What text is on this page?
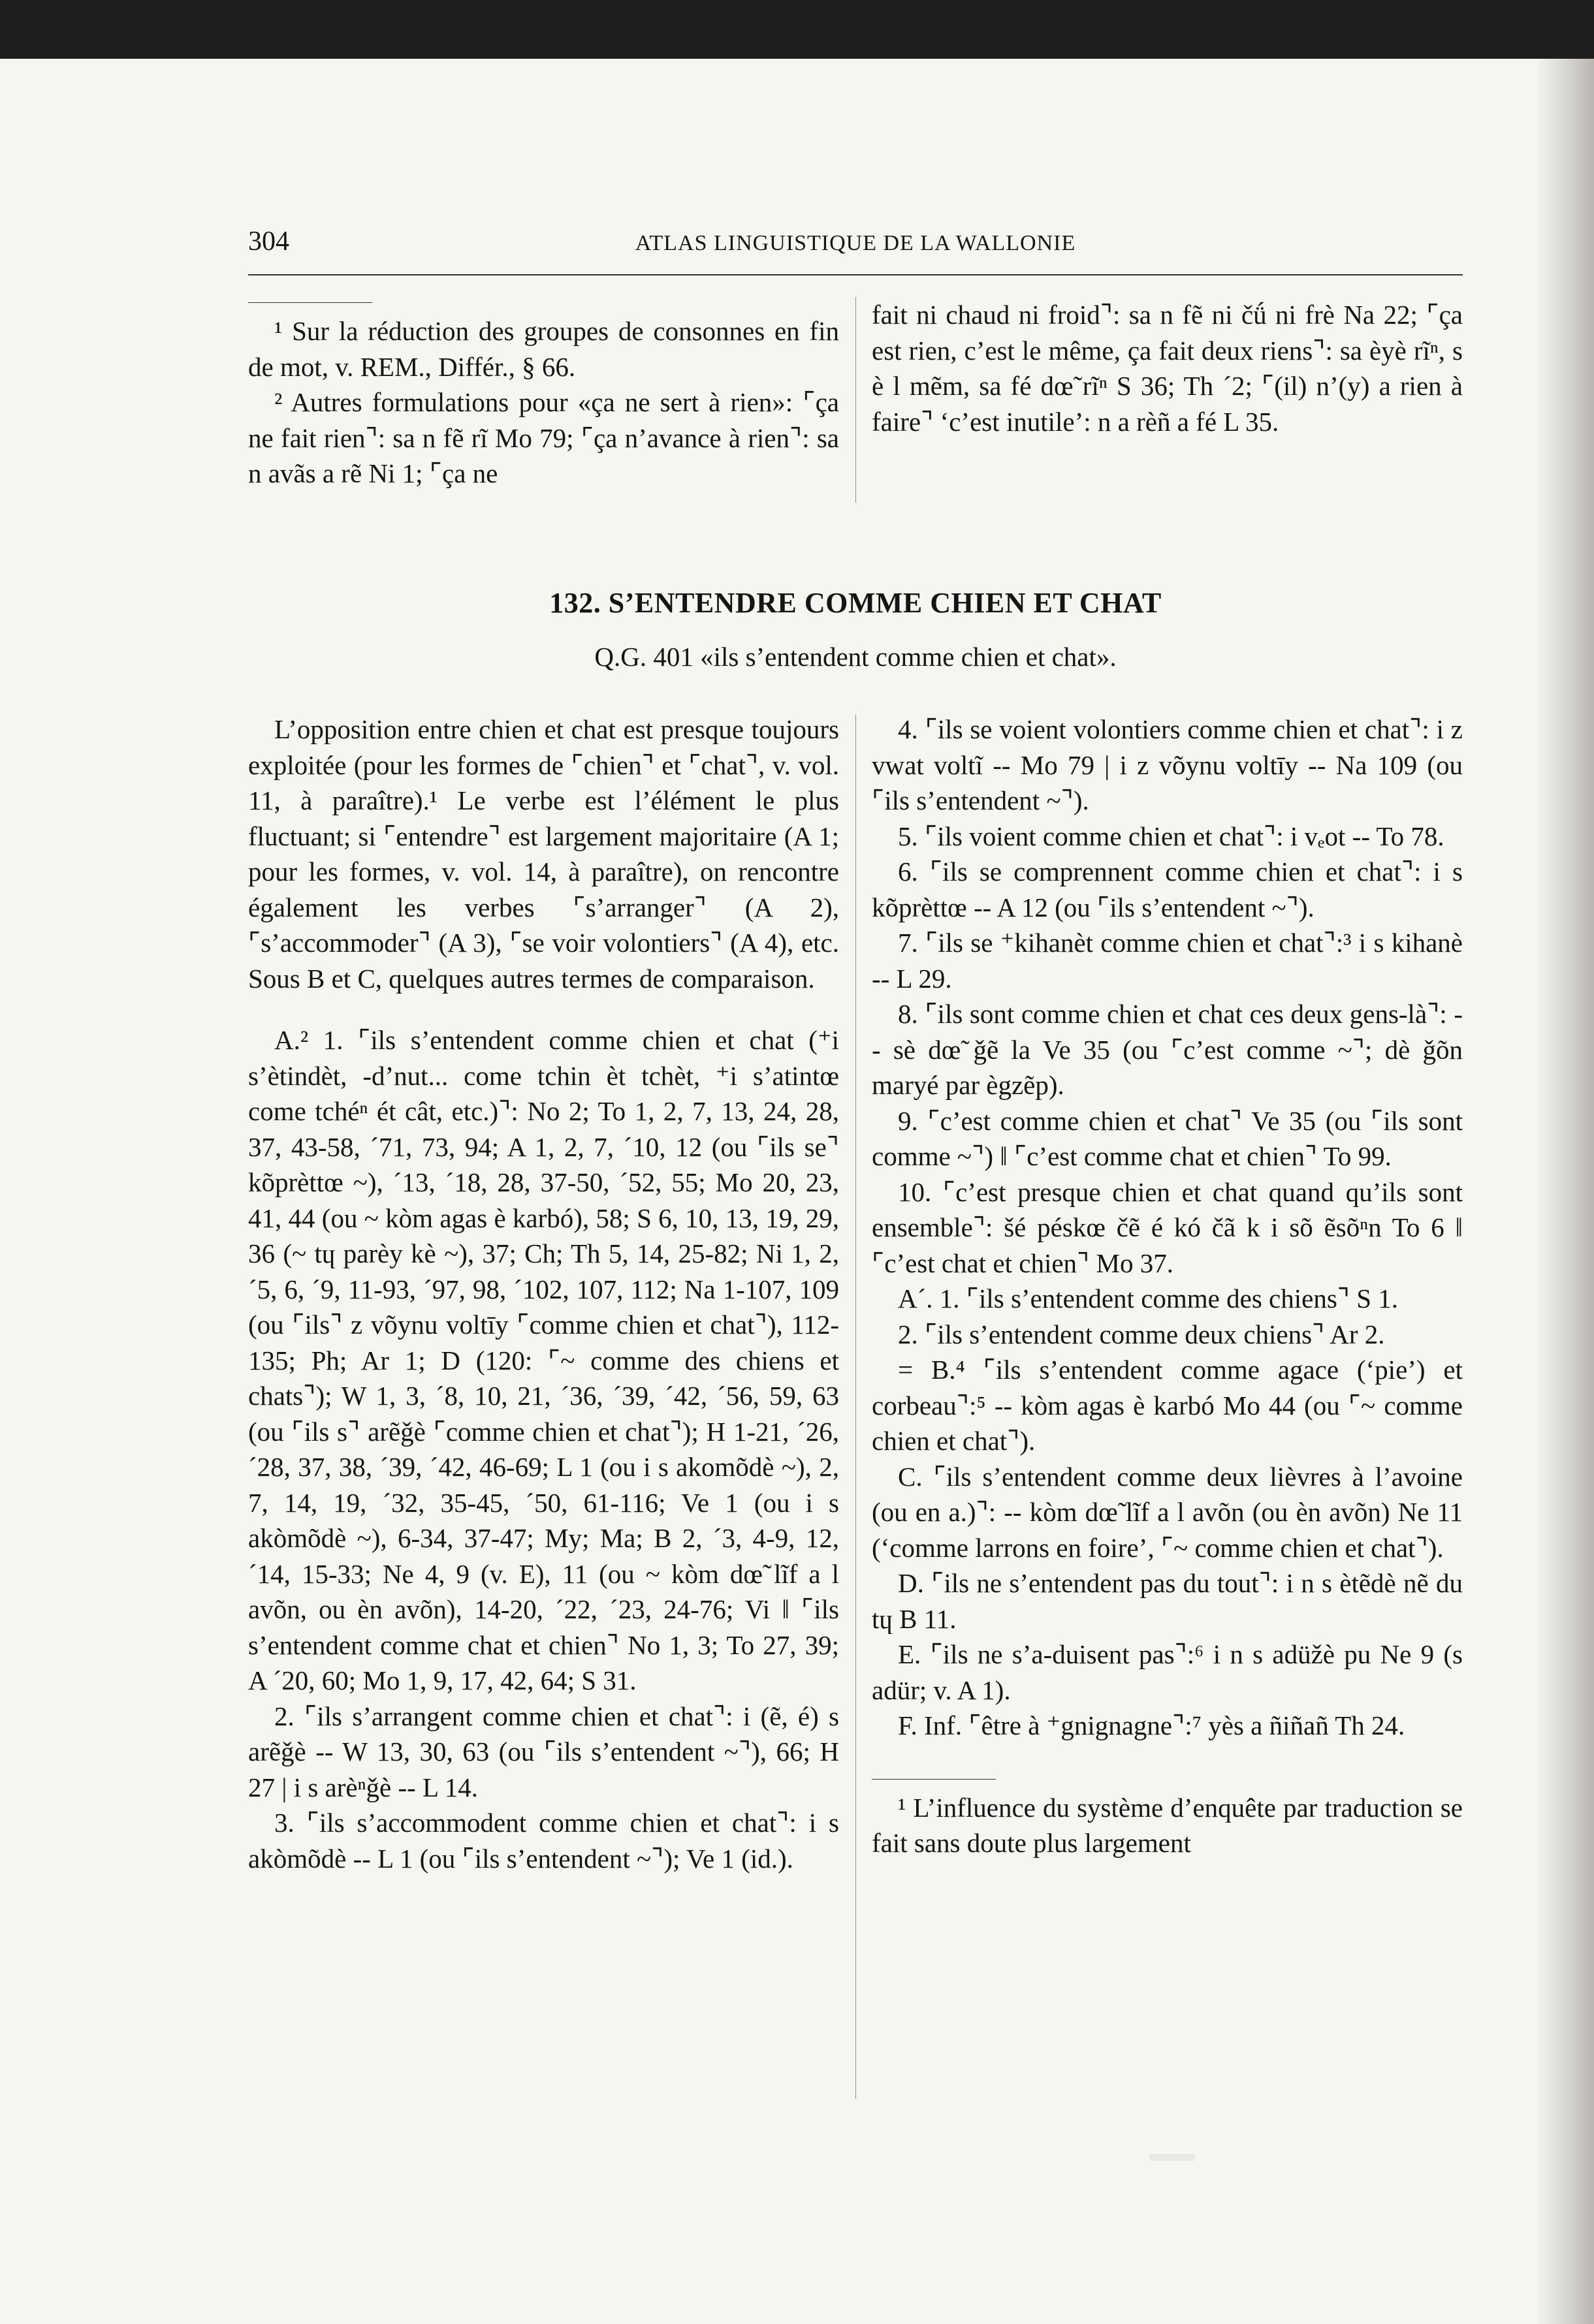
304	ATLAS LINGUISTIQUE DE LA WALLONIE

¹ Sur la réduction des groupes de consonnes en fin de mot, v. REM., Différ., § 66.

² Autres formulations pour «ça ne sert à rien»: ⌜ça ne fait rien⌝: sa n fẽ rĩ Mo 79; ⌜ça n’avance à rien⌝: sa n avãs a rẽ Ni 1; ⌜ça ne

fait ni chaud ni froid⌝: sa n fẽ ni čǘ ni frè Na 22; ⌜ça est rien, c’est le même, ça fait deux riens⌝: sa èyè rĩⁿ, s è l mẽm, sa fé dœ̃ rĩⁿ S 36; Th ´2; ⌜(il) n’(y) a rien à faire⌝ ‘c’est inutile’: n a rèñ a fé L 35.

132. S’ENTENDRE COMME CHIEN ET CHAT
Q.G. 401 «ils s’entendent comme chien et chat».

L’opposition entre chien et chat est presque toujours exploitée (pour les formes de ⌜chien⌝ et ⌜chat⌝, v. vol. 11, à paraître).¹ Le verbe est l’élément le plus fluctuant; si ⌜entendre⌝ est largement majoritaire (A 1; pour les formes, v. vol. 14, à paraître), on rencontre également les verbes ⌜s’arranger⌝ (A 2), ⌜s’accommoder⌝ (A 3), ⌜se voir volontiers⌝ (A 4), etc. Sous B et C, quelques autres termes de comparaison.

A.² 1. ⌜ils s’entendent comme chien et chat (⁺i s’ètindèt, -d’nut... come tchin èt tchèt, ⁺i s’atintœ come tchéⁿ ét cât, etc.)⌝: No 2; To 1, 2, 7, 13, 24, 28, 37, 43-58, ´71, 73, 94; A 1, 2, 7, ´10, 12 (ou ⌜ils se⌝ kõprèttœ ~), ´13, ´18, 28, 37-50, ´52, 55; Mo 20, 23, 41, 44 (ou ~ kòm agas è karbó), 58; S 6, 10, 13, 19, 29, 36 (~ tɥ parèy kè ~), 37; Ch; Th 5, 14, 25-82; Ni 1, 2, ´5, 6, ´9, 11-93, ´97, 98, ´102, 107, 112; Na 1-107, 109 (ou ⌜ils⌝ z võynu voltīy ⌜comme chien et chat⌝), 112-135; Ph; Ar 1; D (120: ⌜~ comme des chiens et chats⌝); W 1, 3, ´8, 10, 21, ´36, ´39, ´42, ´56, 59, 63 (ou ⌜ils s⌝ arẽǧè ⌜comme chien et chat⌝); H 1-21, ´26, ´28, 37, 38, ´39, ´42, 46-69; L 1 (ou i s akomõdè ~), 2, 7, 14, 19, ´32, 35-45, ´50, 61-116; Ve 1 (ou i s akòmõdè ~), 6-34, 37-47; My; Ma; B 2, ´3, 4-9, 12, ´14, 15-33; Ne 4, 9 (v. E), 11 (ou ~ kòm dœ̃ lĩf a l avõn, ou èn avõn), 14-20, ´22, ´23, 24-76; Vi ‖ ⌜ils s’entendent comme chat et chien⌝ No 1, 3; To 27, 39; A ´20, 60; Mo 1, 9, 17, 42, 64; S 31.

2. ⌜ils s’arrangent comme chien et chat⌝: i (ẽ, é) s arẽǧè -- W 13, 30, 63 (ou ⌜ils s’entendent ~⌝), 66; H 27 | i s arèⁿǧè -- L 14.

3. ⌜ils s’accommodent comme chien et chat⌝: i s akòmõdè -- L 1 (ou ⌜ils s’entendent ~⌝); Ve 1 (id.).

4. ⌜ils se voient volontiers comme chien et chat⌝: i z vwat voltĩ -- Mo 79 | i z võynu voltīy -- Na 109 (ou ⌜ils s’entendent ~⌝).

5. ⌜ils voient comme chien et chat⌝: i vₑot -- To 78.

6. ⌜ils se comprennent comme chien et chat⌝: i s kõprèttœ -- A 12 (ou ⌜ils s’entendent ~⌝).

7. ⌜ils se ⁺kihanèt comme chien et chat⌝:³ i s kihanè -- L 29.

8. ⌜ils sont comme chien et chat ces deux gens-là⌝: -- sè dœ̃ ǧẽ la Ve 35 (ou ⌜c’est comme ~⌝; dè ǧõn maryé par ègzẽp).

9. ⌜c’est comme chien et chat⌝ Ve 35 (ou ⌜ils sont comme ~⌝) ‖ ⌜c’est comme chat et chien⌝ To 99.

10. ⌜c’est presque chien et chat quand qu’ils sont ensemble⌝: šé péskœ čẽ é kó čã k i sõ ẽsõⁿn To 6 ‖ ⌜c’est chat et chien⌝ Mo 37.

A´. 1. ⌜ils s’entendent comme des chiens⌝ S 1.

2. ⌜ils s’entendent comme deux chiens⌝ Ar 2.

= B.⁴ ⌜ils s’entendent comme agace (‘pie’) et corbeau⌝:⁵ -- kòm agas è karbó Mo 44 (ou ⌜~ comme chien et chat⌝).

C. ⌜ils s’entendent comme deux lièvres à l’avoine (ou en a.)⌝: -- kòm dœ̃ lĩf a l avõn (ou èn avõn) Ne 11 (‘comme larrons en foire’, ⌜~ comme chien et chat⌝).

D. ⌜ils ne s’entendent pas du tout⌝: i n s ètẽdè nẽ du tɥ B 11.

E. ⌜ils ne s’a-duisent pas⌝:⁶ i n s adüžè pu Ne 9 (s adür; v. A 1).

F. Inf. ⌜être à ⁺gnignagne⌝:⁷ yès a ñiñañ Th 24.

¹ L’influence du système d’enquête par traduction se fait sans doute plus largement
